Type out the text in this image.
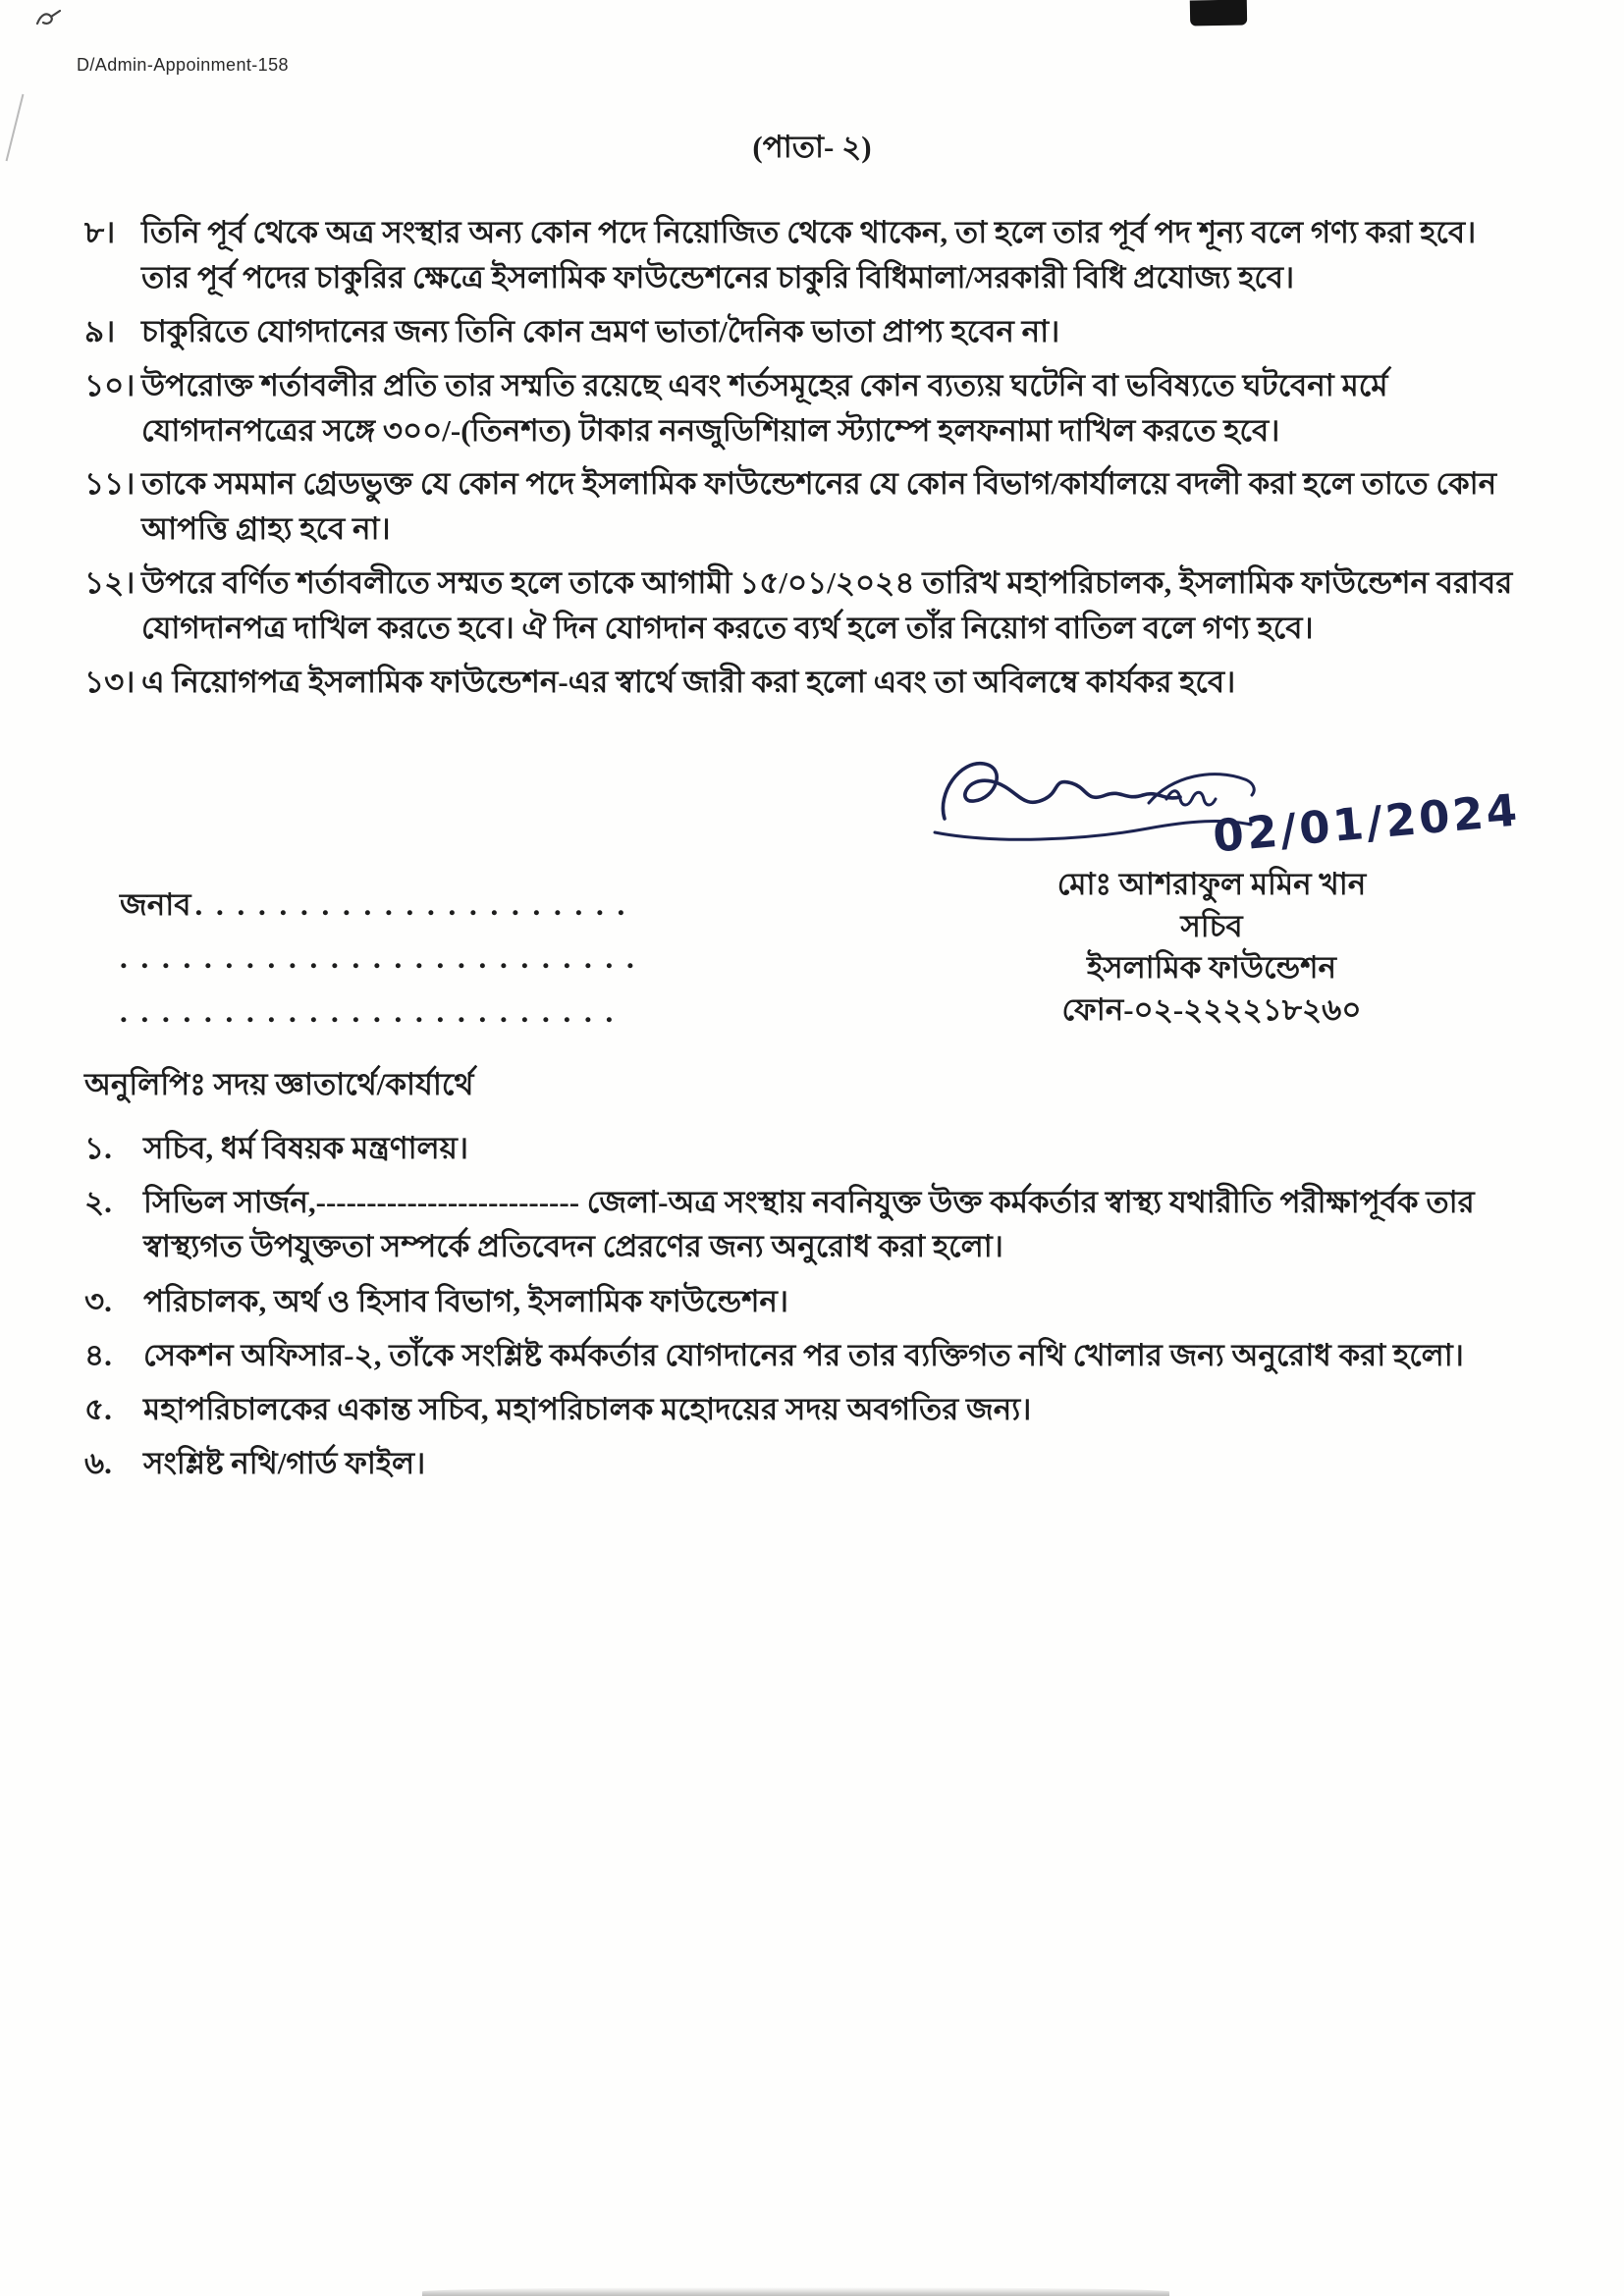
D/Admin-Appoinment-158
(পাতা- ২)
৮। তিনি পূর্ব থেকে অত্র সংস্থার অন্য কোন পদে নিয়োজিত থেকে থাকেন, তা হলে তার পূর্ব পদ শূন্য বলে গণ্য করা হবে। তার পূর্ব পদের চাকুরির ক্ষেত্রে ইসলামিক ফাউন্ডেশনের চাকুরি বিধিমালা/সরকারী বিধি প্রযোজ্য হবে।
৯। চাকুরিতে যোগদানের জন্য তিনি কোন ভ্রমণ ভাতা/দৈনিক ভাতা প্রাপ্য হবেন না।
১০। উপরোক্ত শর্তাবলীর প্রতি তার সম্মতি রয়েছে এবং শর্তসমূহের কোন ব্যত্যয় ঘটেনি বা ভবিষ্যতে ঘটবেনা মর্মে যোগদানপত্রের সঙ্গে ৩০০/-(তিনশত) টাকার ননজুডিশিয়াল স্ট্যাম্পে হলফনামা দাখিল করতে হবে।
১১। তাকে সমমান গ্রেডভুক্ত যে কোন পদে ইসলামিক ফাউন্ডেশনের যে কোন বিভাগ/কার্যালয়ে বদলী করা হলে তাতে কোন আপত্তি গ্রাহ্য হবে না।
১২। উপরে বর্ণিত শর্তাবলীতে সম্মত হলে তাকে আগামী ১৫/০১/২০২৪ তারিখ মহাপরিচালক, ইসলামিক ফাউন্ডেশন বরাবর যোগদানপত্র দাখিল করতে হবে। ঐ দিন যোগদান করতে ব্যর্থ হলে তাঁর নিয়োগ বাতিল বলে গণ্য হবে।
১৩। এ নিয়োগপত্র ইসলামিক ফাউন্ডেশন-এর স্বার্থে জারী করা হলো এবং তা অবিলম্বে কার্যকর হবে।
জনাব . . . . . . . . . . . . . . . . . . . . .
. . . . . . . . . . . . . . . . . . . . . . . . .
. . . . . . . . . . . . . . . . . . . . . . . .
02/01/2024
মোঃ আশরাফুল মমিন খান
সচিব
ইসলামিক ফাউন্ডেশন
ফোন-০২-২২২২১৮২৬০
অনুলিপিঃ সদয় জ্ঞাতার্থে/কার্যার্থে
১.	সচিব, ধর্ম বিষয়ক মন্ত্রণালয়।
২.	সিভিল সার্জন,-------------------------- জেলা-অত্র সংস্থায় নবনিযুক্ত উক্ত কর্মকর্তার স্বাস্থ্য যথারীতি পরীক্ষাপূর্বক তার স্বাস্থ্যগত উপযুক্ততা সম্পর্কে প্রতিবেদন প্রেরণের জন্য অনুরোধ করা হলো।
৩.	পরিচালক, অর্থ ও হিসাব বিভাগ, ইসলামিক ফাউন্ডেশন।
৪.	সেকশন অফিসার-২, তাঁকে সংশ্লিষ্ট কর্মকর্তার যোগদানের পর তার ব্যক্তিগত নথি খোলার জন্য অনুরোধ করা হলো।
৫.	মহাপরিচালকের একান্ত সচিব, মহাপরিচালক মহোদয়ের সদয় অবগতির জন্য।
৬.	সংশ্লিষ্ট নথি/গার্ড ফাইল।
